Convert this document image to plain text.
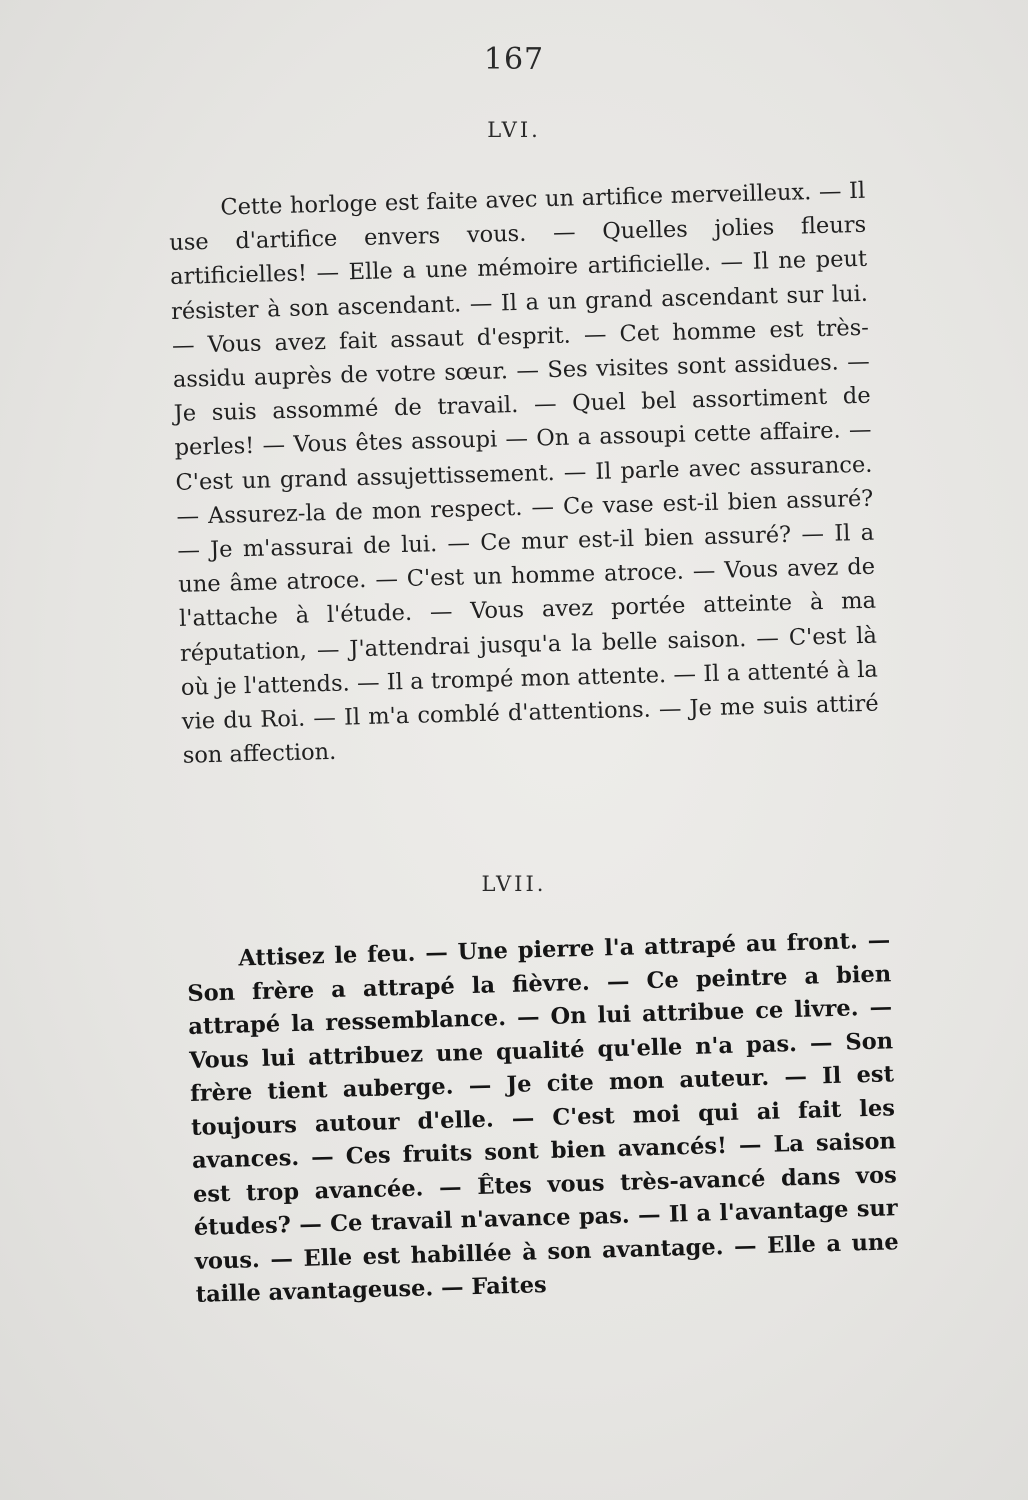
167
LVI.
Cette horloge est faite avec un artifice merveilleux. — Il use d'artifice envers vous. — Quelles jolies fleurs artificielles! — Elle a une mémoire artificielle. — Il ne peut résister à son ascendant. — Il a un grand ascendant sur lui. — Vous avez fait assaut d'esprit. — Cet homme est très-assidu auprès de votre sœur. — Ses visites sont assidues. — Je suis assommé de travail. — Quel bel assortiment de perles! — Vous êtes assoupi — On a assoupi cette affaire. — C'est un grand assujettissement. — Il parle avec assurance. — Assurez-la de mon respect. — Ce vase est-il bien assuré? — Je m'assurai de lui. — Ce mur est-il bien assuré? — Il a une âme atroce. — C'est un homme atroce. — Vous avez de l'attache à l'étude. — Vous avez portée atteinte à ma réputation, — J'attendrai jusqu'a la belle saison. — C'est là où je l'attends. — Il a trompé mon attente. — Il a attenté à la vie du Roi. — Il m'a comblé d'attentions. — Je me suis attiré son affection.
LVII.
Attisez le feu. — Une pierre l'a attrapé au front. — Son frère a attrapé la fièvre. — Ce peintre a bien attrapé la ressemblance. — On lui attribue ce livre. — Vous lui attribuez une qualité qu'elle n'a pas. — Son frère tient auberge. — Je cite mon auteur. — Il est toujours autour d'elle. — C'est moi qui ai fait les avances. — Ces fruits sont bien avancés! — La saison est trop avancée. — Êtes vous très-avancé dans vos études? — Ce travail n'avance pas. — Il a l'avantage sur vous. — Elle est habillée à son avantage. — Elle a une taille avantageuse. — Faites
